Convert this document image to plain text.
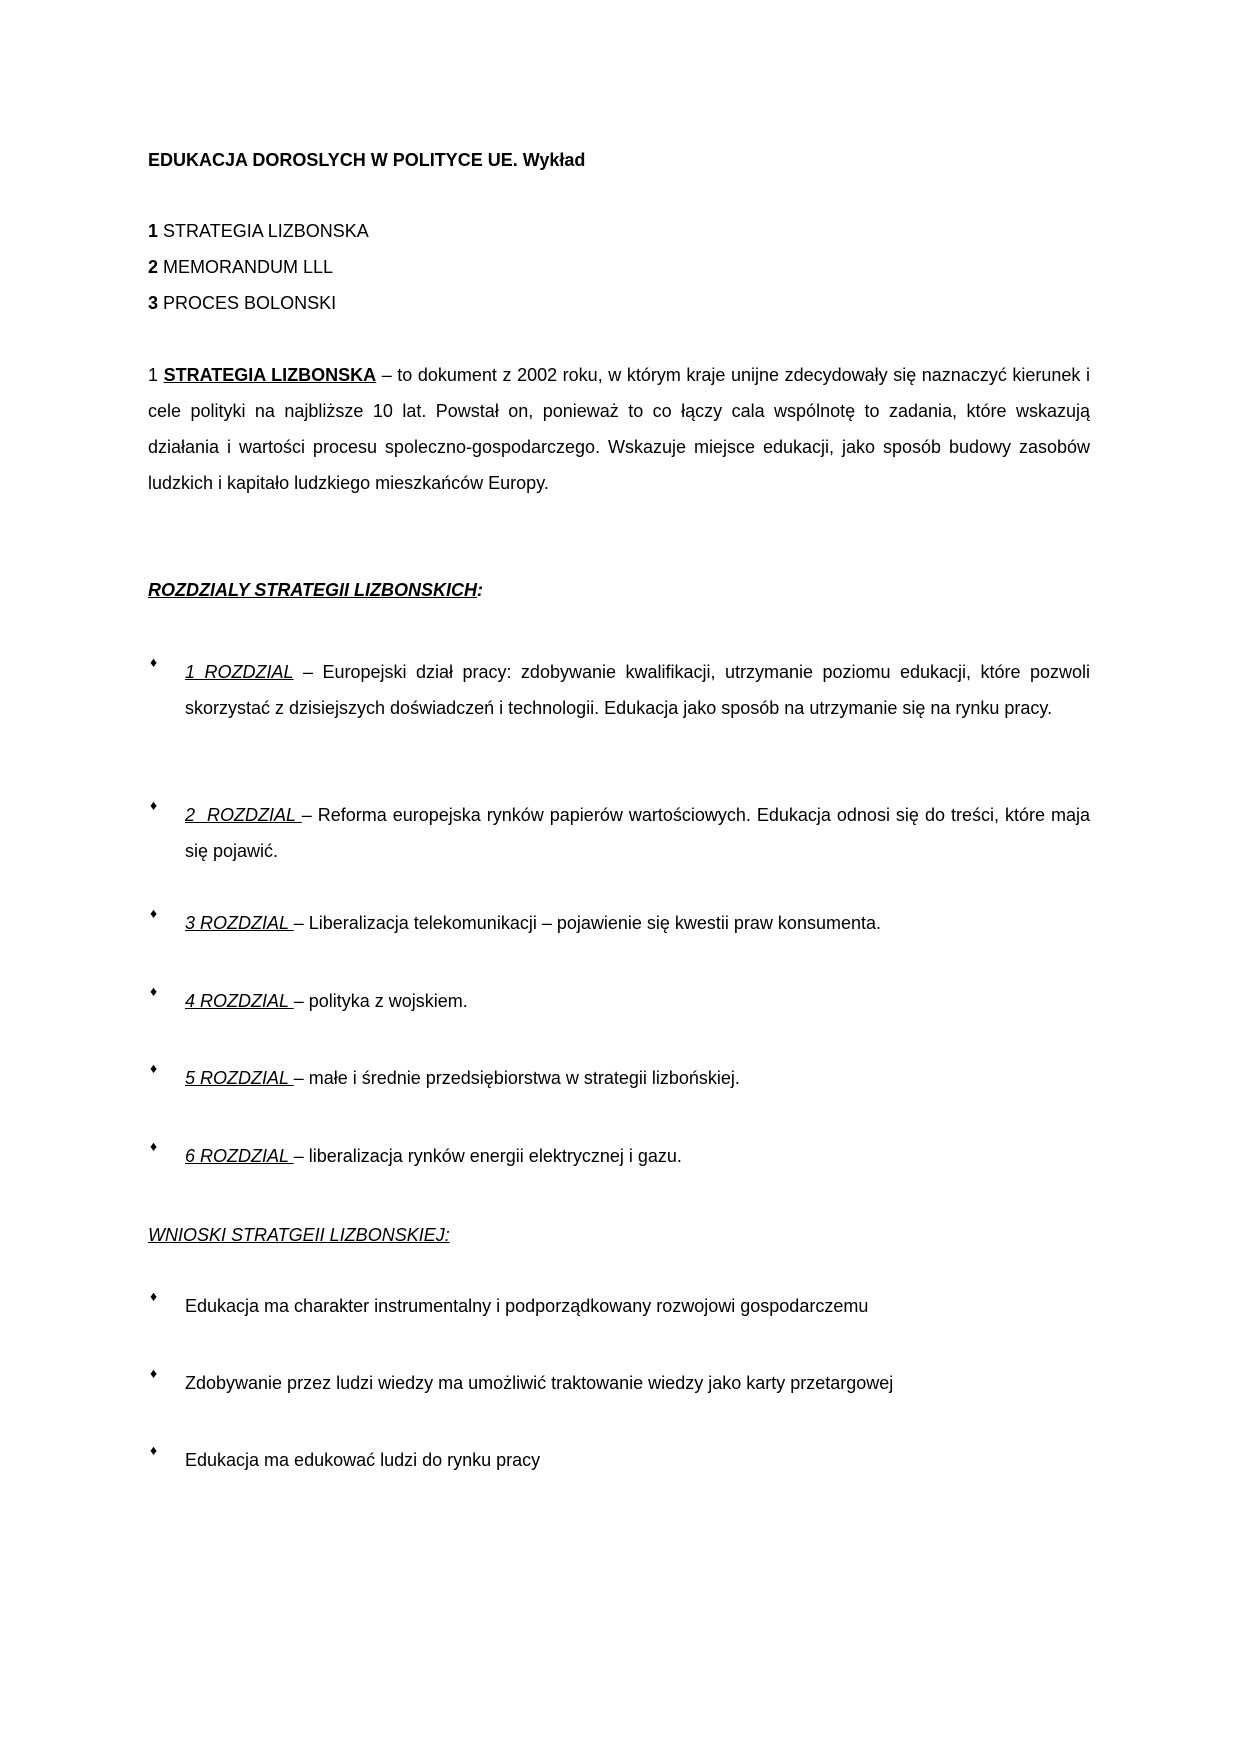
EDUKACJA DOROSLYCH W POLITYCE UE. Wykład
1 STRATEGIA LIZBONSKA
2 MEMORANDUM LLL
3 PROCES BOLONSKI
1 STRATEGIA LIZBONSKA – to dokument z 2002 roku, w którym kraje unijne zdecydowały się naznaczyć kierunek i cele polityki na najbliższe 10 lat. Powstał on, ponieważ to co łączy cala wspólnotę to zadania, które wskazują działania i wartości procesu spoleczno-gospodarczego. Wskazuje miejsce edukacji, jako sposób budowy zasobów ludzkich i kapitało ludzkiego mieszkańców Europy.
ROZDZIALY STRATEGII LIZBONSKICH:
♦ 1 ROZDZIAL – Europejski dział pracy: zdobywanie kwalifikacji, utrzymanie poziomu edukacji, które pozwoli skorzystać z dzisiejszych doświadczeń i technologii. Edukacja jako sposób na utrzymanie się na rynku pracy.
♦ 2  ROZDZIAL – Reforma europejska rynków papierów wartościowych. Edukacja odnosi się do treści, które maja się pojawić.
♦ 3 ROZDZIAL – Liberalizacja telekomunikacji – pojawienie się kwestii praw konsumenta.
♦ 4 ROZDZIAL – polityka z wojskiem.
♦ 5 ROZDZIAL – małe i średnie przedsiębiorstwa w strategii lizbońskiej.
♦ 6 ROZDZIAL – liberalizacja rynków energii elektrycznej i gazu.
WNIOSKI STRATGEII LIZBONSKIEJ:
♦ Edukacja ma charakter instrumentalny i podporządkowany rozwojowi gospodarczemu
♦ Zdobywanie przez ludzi wiedzy ma umożliwić traktowanie wiedzy jako karty przetargowej
♦ Edukacja ma edukować ludzi do rynku pracy
